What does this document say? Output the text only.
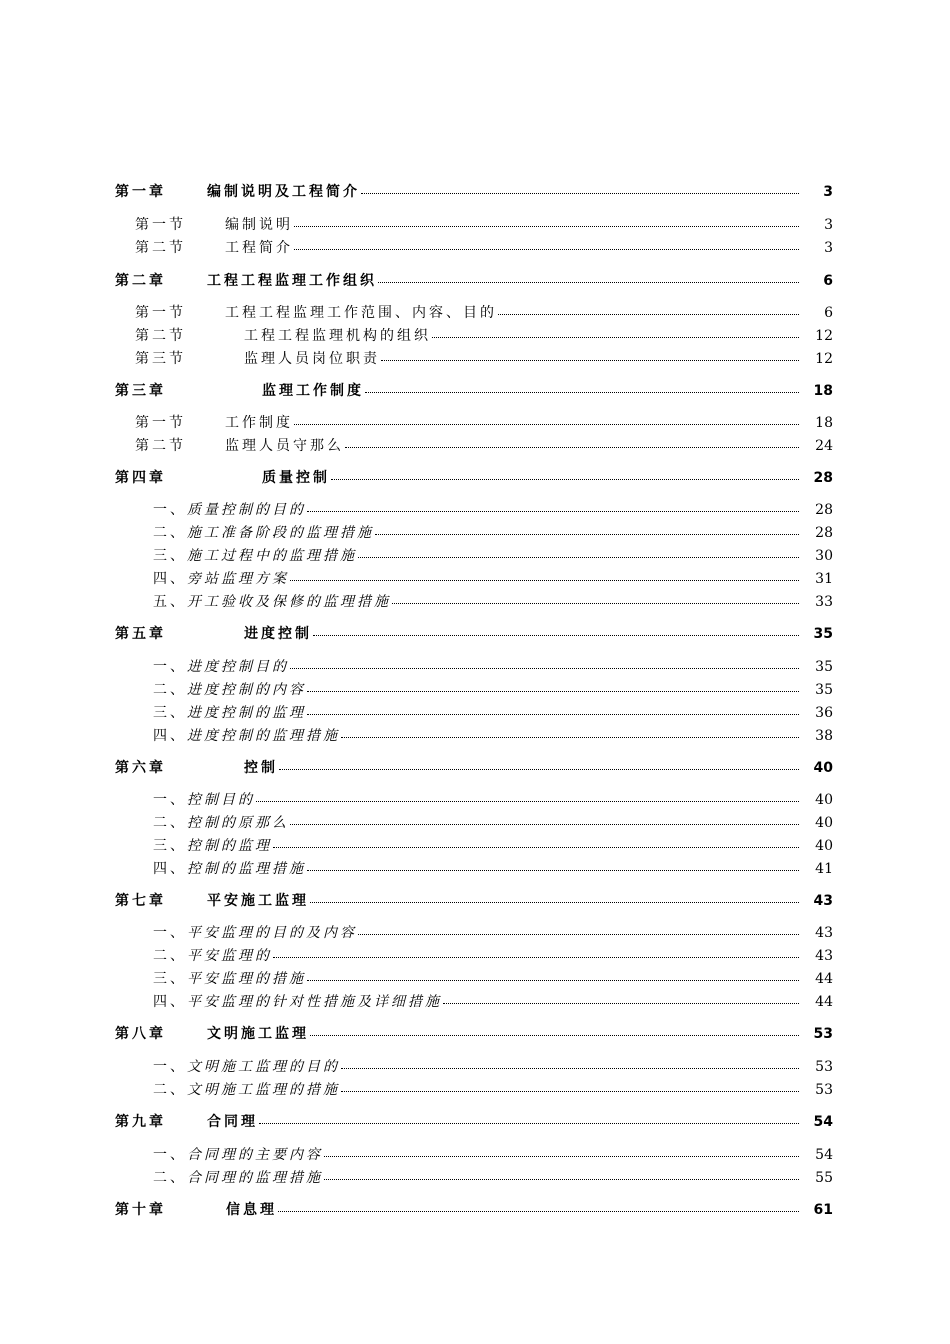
第一章	编制说明及工程简介	3
第一节	编制说明	3
第二节	工程简介	3
第二章	工程工程监理工作组织	6
第一节	工程工程监理工作范围、内容、目的	6
第二节	工程工程监理机构的组织	12
第三节	监理人员岗位职责	12
第三章	监理工作制度	18
第一节	工作制度	18
第二节	监理人员守那么	24
第四章	质量控制	28
一、 质量控制的目的	28
二、 施工准备阶段的监理措施	28
三、 施工过程中的监理措施	30
四、 旁站监理方案	31
五、 开工验收及保修的监理措施	33
第五章	进度控制	35
一、 进度控制目的	35
二、 进度控制的内容	35
三、 进度控制的监理	36
四、 进度控制的监理措施	38
第六章	控制	40
一、 控制目的	40
二、 控制的原那么	40
三、 控制的监理	40
四、 控制的监理措施	41
第七章	平安施工监理	43
一、 平安监理的目的及内容	43
二、 平安监理的	43
三、 平安监理的措施	44
四、 平安监理的针对性措施及详细措施	44
第八章	文明施工监理	53
一、 文明施工监理的目的	53
二、 文明施工监理的措施	53
第九章	合同理	54
一、 合同理的主要内容	54
二、 合同理的监理措施	55
第十章	信息理	61
